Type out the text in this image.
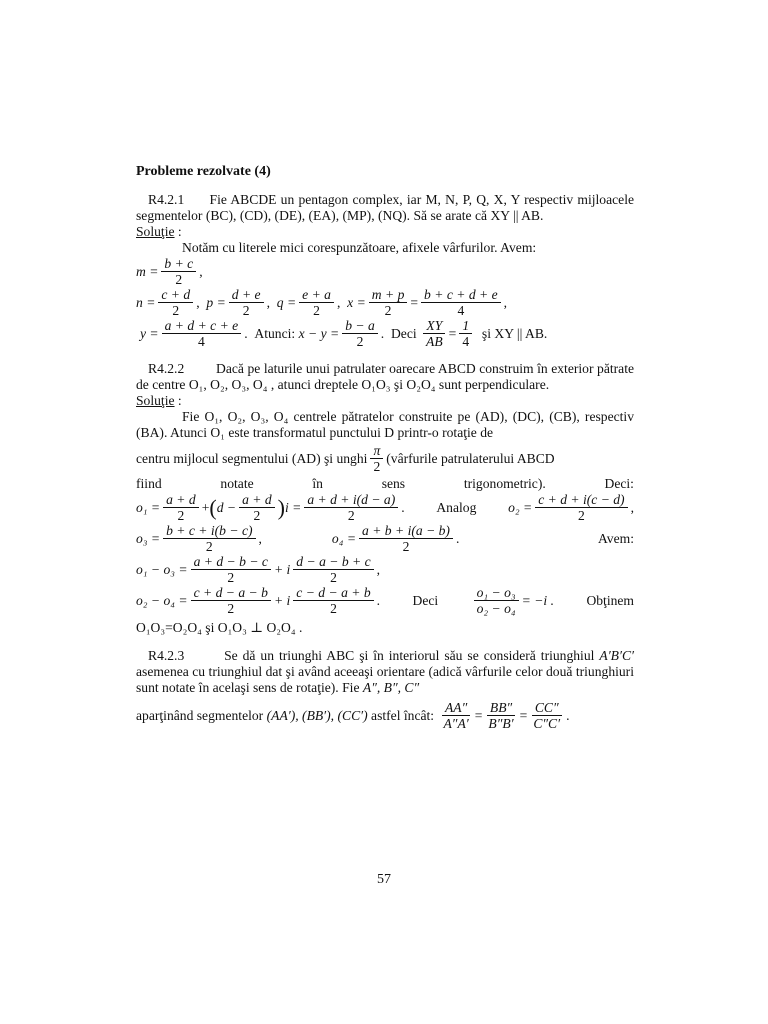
Probleme rezolvate (4)

R4.2.1 Fie ABCDE un pentagon complex, iar M, N, P, Q, X, Y respectiv mijloacele segmentelor (BC), (CD), (DE), (EA), (MP), (NQ). Să se arate că XY || AB.

Soluţie :

Notăm cu literele mici corespunzătoare, afixele vârfurilor. Avem:

$m = \frac{b + c}{2}$ ,
$n = \frac{c + d}{2}$ ,
$p = \frac{d + e}{2}$ ,
$q = \frac{e + a}{2}$ ,
$x = \frac{m + p}{2} = \frac{b + c + d + e}{4}$ ,
$y = \frac{a + d + c + e}{4}$ .
Atunci:
$x - y = \frac{b - a}{2}$ .
Deci
$\frac{XY}{AB} = \frac{1}{4}$
şi XY || AB.

R4.2.2 Dacă pe laturile unui patrulater oarecare ABCD construim în exterior pătrate de centre O₁, O₂, O₃, O₄ , atunci dreptele O₁O₃ şi O₂O₄ sunt perpendiculare.

Soluţie :

Fie O₁, O₂, O₃, O₄ centrele pătratelor construite pe (AD), (DC), (CB), respectiv (BA). Atunci O₁ este transformatul punctului D printr-o rotaţie de

centru mijlocul segmentului (AD) şi unghi $\frac{\pi}{2}$ (vârfurile patrulaterului ABCD
fiind	notate	în	sens	trigonometric).	Deci:
$o_1 = \frac{a + d}{2}$ + ( $d - \frac{a + d}{2}$ ) $i = \frac{a + d + i(d - a)}{2}$ . Analog $o_2 = \frac{c + d + i(c - d)}{2}$ ,
$o_3 = \frac{b + c + i(b - c)}{2}$ ,	$o_4 = \frac{a + b + i(a - b)}{2}$ .	Avem:
$o_1 - o_3 = \frac{a + d - b - c}{2} + i \frac{d - a - b + c}{2}$ ,
$o_2 - o_4 = \frac{c + d - a - b}{2} + i \frac{c - d - a + b}{2}$ . Deci	$\frac{\text{o₁ − o₃}}{\text{o₂ − o₄}} = -i$ . Obţinem

O₁O₃=O₂O₄ şi O₁O₃ ⊥ O₂O₄ .

R4.2.3	Se dă un triunghi ABC şi în interiorul său se consideră triunghiul A′B′C′ asemenea cu triunghiul dat şi având aceeaşi orientare (adică vârfurile celor două triunghiuri sunt notate în acelaşi sens de rotaţie). Fie A″, B″, C″

aparţinând segmentelor
(AA′), (BB′), (CC′)
astfel încât:
$\frac{AA''}{A''A'} = \frac{BB''}{B''B'} = \frac{CC''}{C''C'}$ .
57
